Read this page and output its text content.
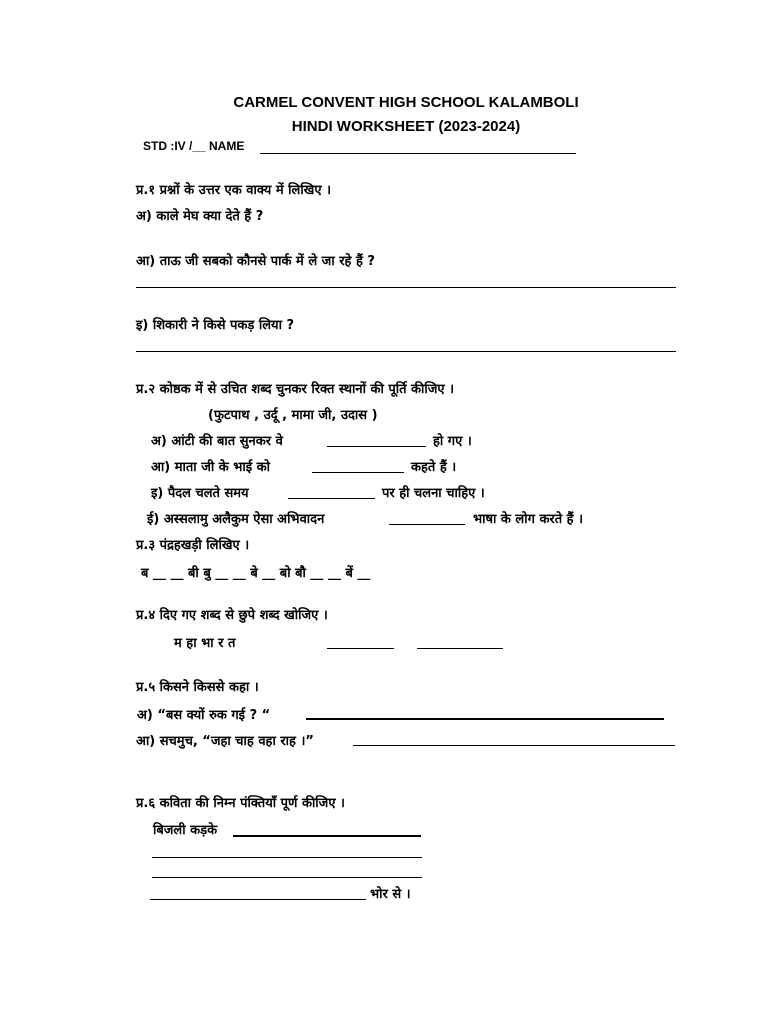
CARMEL CONVENT HIGH SCHOOL KALAMBOLI
HINDI WORKSHEET (2023-2024)
STD :IV /__ NAME
प्र.१ प्रश्नों के उत्तर एक वाक्य में लिखिए ।
अ) काले मेघ क्या देते हैं ?
आ) ताऊ जी सबको कौनसे पार्क में ले जा रहे हैं ?
इ) शिकारी ने किसे पकड़ लिया ?
प्र.२ कोष्ठक में से उचित शब्द चुनकर रिक्त स्थानों की पूर्ति कीजिए ।
(फुटपाथ , उर्दू , मामा जी, उदास )
अ) आंटी की बात सुनकर वे	हो गए ।
आ) माता जी के भाई को	कहते हैं ।
इ) पैदल चलते समय	पर ही चलना चाहिए ।
ई) अस्सलामु अलैकुम ऐसा अभिवादन	भाषा के लोग करते हैं ।
प्र.३ पंद्रहखड़ी लिखिए ।
ब __ __ बी बु __ __ बे __ बो बौ __ __ बें __
प्र.४ दिए गए शब्द से छुपे शब्द खोजिए ।
म हा भा र त
प्र.५ किसने किससे कहा ।
अ) “बस क्यों रुक गई ? “
आ) सचमुच, “जहा चाह वहा राह ।”
प्र.६ कविता की निम्न पंक्तियाँ पूर्ण कीजिए ।
बिजली कड़के
भोर से ।
